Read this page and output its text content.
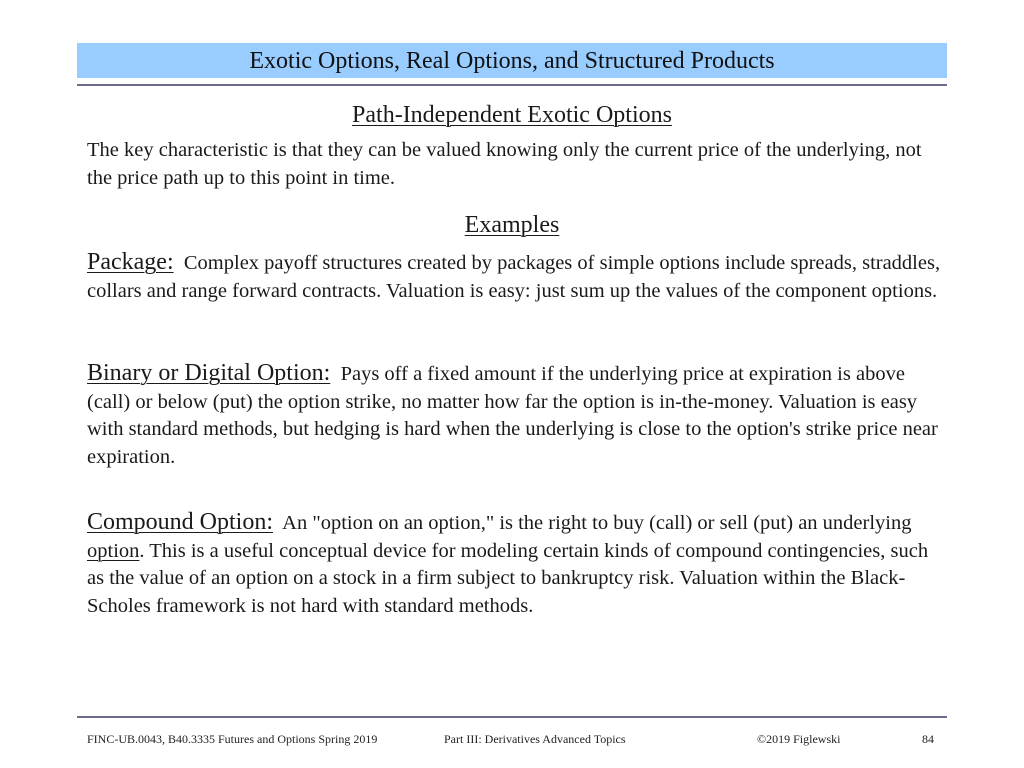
Exotic Options, Real Options, and Structured Products
Path-Independent Exotic Options
The key characteristic is that they can be valued knowing only the current price of the underlying, not the price path up to this point in time.
Examples
Package: Complex payoff structures created by packages of simple options include spreads, straddles, collars and range forward contracts. Valuation is easy: just sum up the values of the component options.
Binary or Digital Option: Pays off a fixed amount if the underlying price at expiration is above (call) or below (put) the option strike, no matter how far the option is in-the-money. Valuation is easy with standard methods, but hedging is hard when the underlying is close to the option's strike price near expiration.
Compound Option: An "option on an option," is the right to buy (call) or sell (put) an underlying option. This is a useful conceptual device for modeling certain kinds of compound contingencies, such as the value of an option on a stock in a firm subject to bankruptcy risk. Valuation within the Black-Scholes framework is not hard with standard methods.
FINC-UB.0043, B40.3335 Futures and Options Spring 2019	Part III: Derivatives Advanced Topics	©2019 Figlewski	84
